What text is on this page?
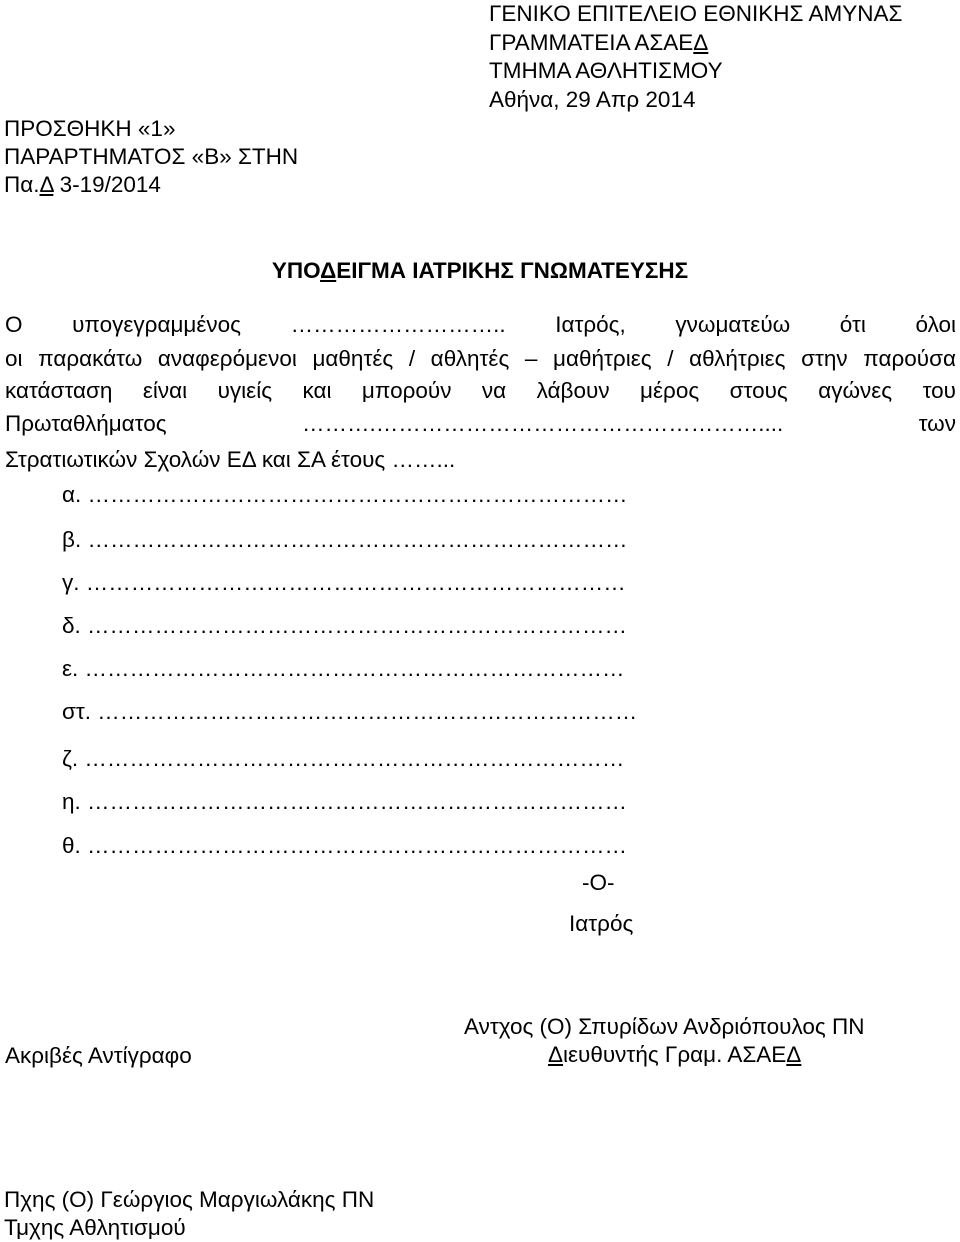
ΓΕΝΙΚΟ ΕΠΙΤΕΛΕΙΟ ΕΘΝΙΚΗΣ ΑΜΥΝΑΣ
ΓΡΑΜΜΑΤΕΙΑ ΑΣΑΕΔ
ΤΜΗΜΑ ΑΘΛΗΤΙΣΜΟΥ
Αθήνα, 29 Απρ 2014
ΠΡΟΣΘΗΚΗ «1»
ΠΑΡΑΡΤΗΜΑΤΟΣ «Β» ΣΤΗΝ
Πα.Δ 3-19/2014
ΥΠΟΔΕΙΓΜΑ ΙΑΤΡΙΚΗΣ ΓΝΩΜΑΤΕΥΣΗΣ
Ο υπογεγραμμένος ……………………….. Ιατρός, γνωματεύω ότι όλοι
οι παρακάτω αναφερόμενοι μαθητές / αθλητές – μαθήτριες / αθλήτριες στην παρούσα
κατάσταση είναι υγιείς και μπορούν να λάβουν μέρος στους αγώνες του
Πρωταθλήματος ……….…………………………………………….... των
Στρατιωτικών Σχολών ΕΔ και ΣΑ έτους ……...
α. ………………………………………………………………
β. ………………………………………………………………
γ. ………………………………………………………………
δ. ………………………………………………………………
ε. ………………………………………………………………
στ. ………………………………………………………………
ζ. ………………………………………………………………
η. ………………………………………………………………
θ. ………………………………………………………………
-Ο-
Ιατρός
Ακριβές Αντίγραφο
Αντχος (Ο) Σπυρίδων Ανδριόπουλος ΠΝ
Διευθυντής Γραμ. ΑΣΑΕΔ
Πχης (Ο) Γεώργιος Μαργιωλάκης ΠΝ
Τμχης Αθλητισμού
